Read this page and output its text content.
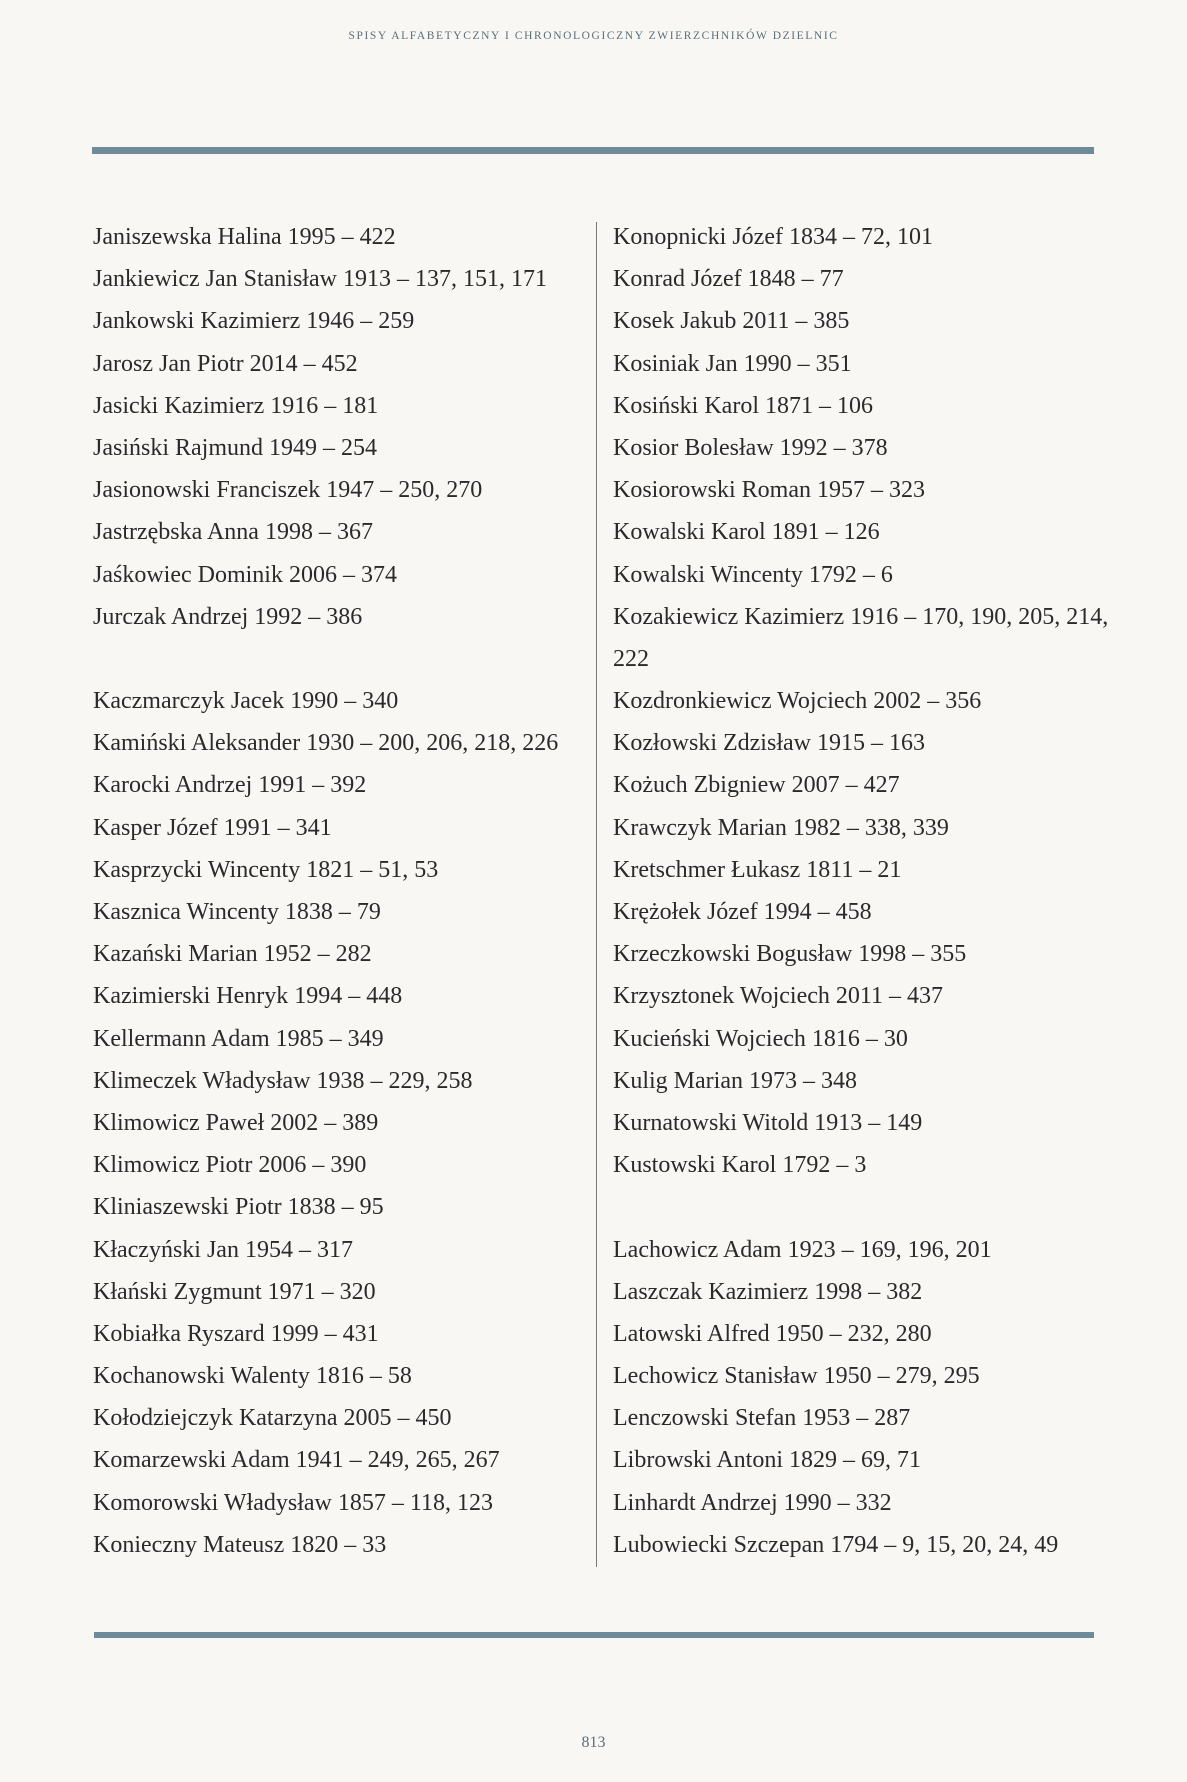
SPISY ALFABETYCZNY I CHRONOLOGICZNY ZWIERZCHNIKÓW DZIELNIC
Janiszewska Halina 1995 – 422
Jankiewicz Jan Stanisław 1913 – 137, 151, 171
Jankowski Kazimierz 1946 – 259
Jarosz Jan Piotr 2014 – 452
Jasicki Kazimierz 1916 – 181
Jasiński Rajmund 1949 – 254
Jasionowski Franciszek 1947 – 250, 270
Jastrzębska Anna 1998 – 367
Jaśkowiec Dominik 2006 – 374
Jurczak Andrzej 1992 – 386
Kaczmarczyk Jacek 1990 – 340
Kamiński Aleksander 1930 – 200, 206, 218, 226
Karocki Andrzej 1991 – 392
Kasper Józef 1991 – 341
Kasprzycki Wincenty 1821 – 51, 53
Kasznica Wincenty 1838 – 79
Kazański Marian 1952 – 282
Kazimierski Henryk 1994 – 448
Kellermann Adam 1985 – 349
Klimeczek Władysław 1938 – 229, 258
Klimowicz Paweł 2002 – 389
Klimowicz Piotr 2006 – 390
Kliniaszewski Piotr 1838 – 95
Kłaczyński Jan 1954 – 317
Kłański Zygmunt 1971 – 320
Kobiałka Ryszard 1999 – 431
Kochanowski Walenty 1816 – 58
Kołodziejczyk Katarzyna 2005 – 450
Komarzewski Adam 1941 – 249, 265, 267
Komorowski Władysław 1857 – 118, 123
Konieczny Mateusz 1820 – 33
Konopnicki Józef 1834 – 72, 101
Konrad Józef 1848 – 77
Kosek Jakub 2011 – 385
Kosiniak Jan 1990 – 351
Kosiński Karol 1871 – 106
Kosior Bolesław 1992 – 378
Kosiorowski Roman 1957 – 323
Kowalski Karol 1891 – 126
Kowalski Wincenty 1792 – 6
Kozakiewicz Kazimierz 1916 – 170, 190, 205, 214, 222
Kozdronkiewicz Wojciech 2002 – 356
Kozłowski Zdzisław 1915 – 163
Kożuch Zbigniew 2007 – 427
Krawczyk Marian 1982 – 338, 339
Kretschmer Łukasz 1811 – 21
Krężołek Józef 1994 – 458
Krzeczkowski Bogusław 1998 – 355
Krzysztonek Wojciech 2011 – 437
Kucieński Wojciech 1816 – 30
Kulig Marian 1973 – 348
Kurnatowski Witold 1913 – 149
Kustowski Karol 1792 – 3
Lachowicz Adam 1923 – 169, 196, 201
Laszczak Kazimierz 1998 – 382
Latowski Alfred 1950 – 232, 280
Lechowicz Stanisław 1950 – 279, 295
Lenczowski Stefan 1953 – 287
Librowski Antoni 1829 – 69, 71
Linhardt Andrzej 1990 – 332
Lubowiecki Szczepan 1794 – 9, 15, 20, 24, 49
813
